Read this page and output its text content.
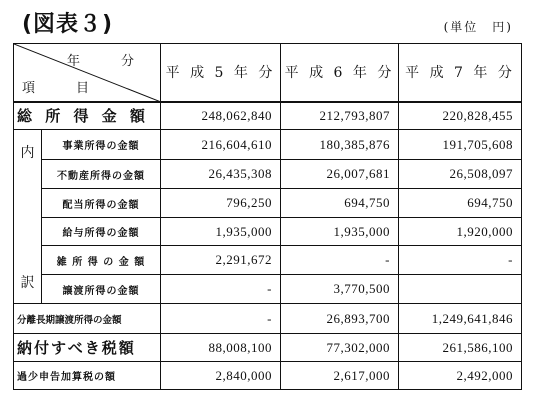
(図表３)	(単位　円)
年　分
項　目		平 成 5 年 分	平 成 6 年 分	平 成 7 年 分
総 所 得 金 額		248,062,840	212,793,807	220,828,455

内
訳	事業所得の金額	216,604,610	180,385,876	191,705,608
	不動産所得の金額	26,435,308	26,007,681	26,508,097
	配当所得の金額	796,250	694,750	694,750
	給与所得の金額	1,935,000	1,935,000	1,920,000
	雑 所 得 の 金 額	2,291,672	-	-
	譲渡所得の金額	-	3,770,500	
分離長期譲渡所得の金額		-	26,893,700	1,249,641,846
納付すべき税額		88,008,100	77,302,000	261,586,100
過少申告加算税の額		2,840,000	2,617,000	2,492,000
